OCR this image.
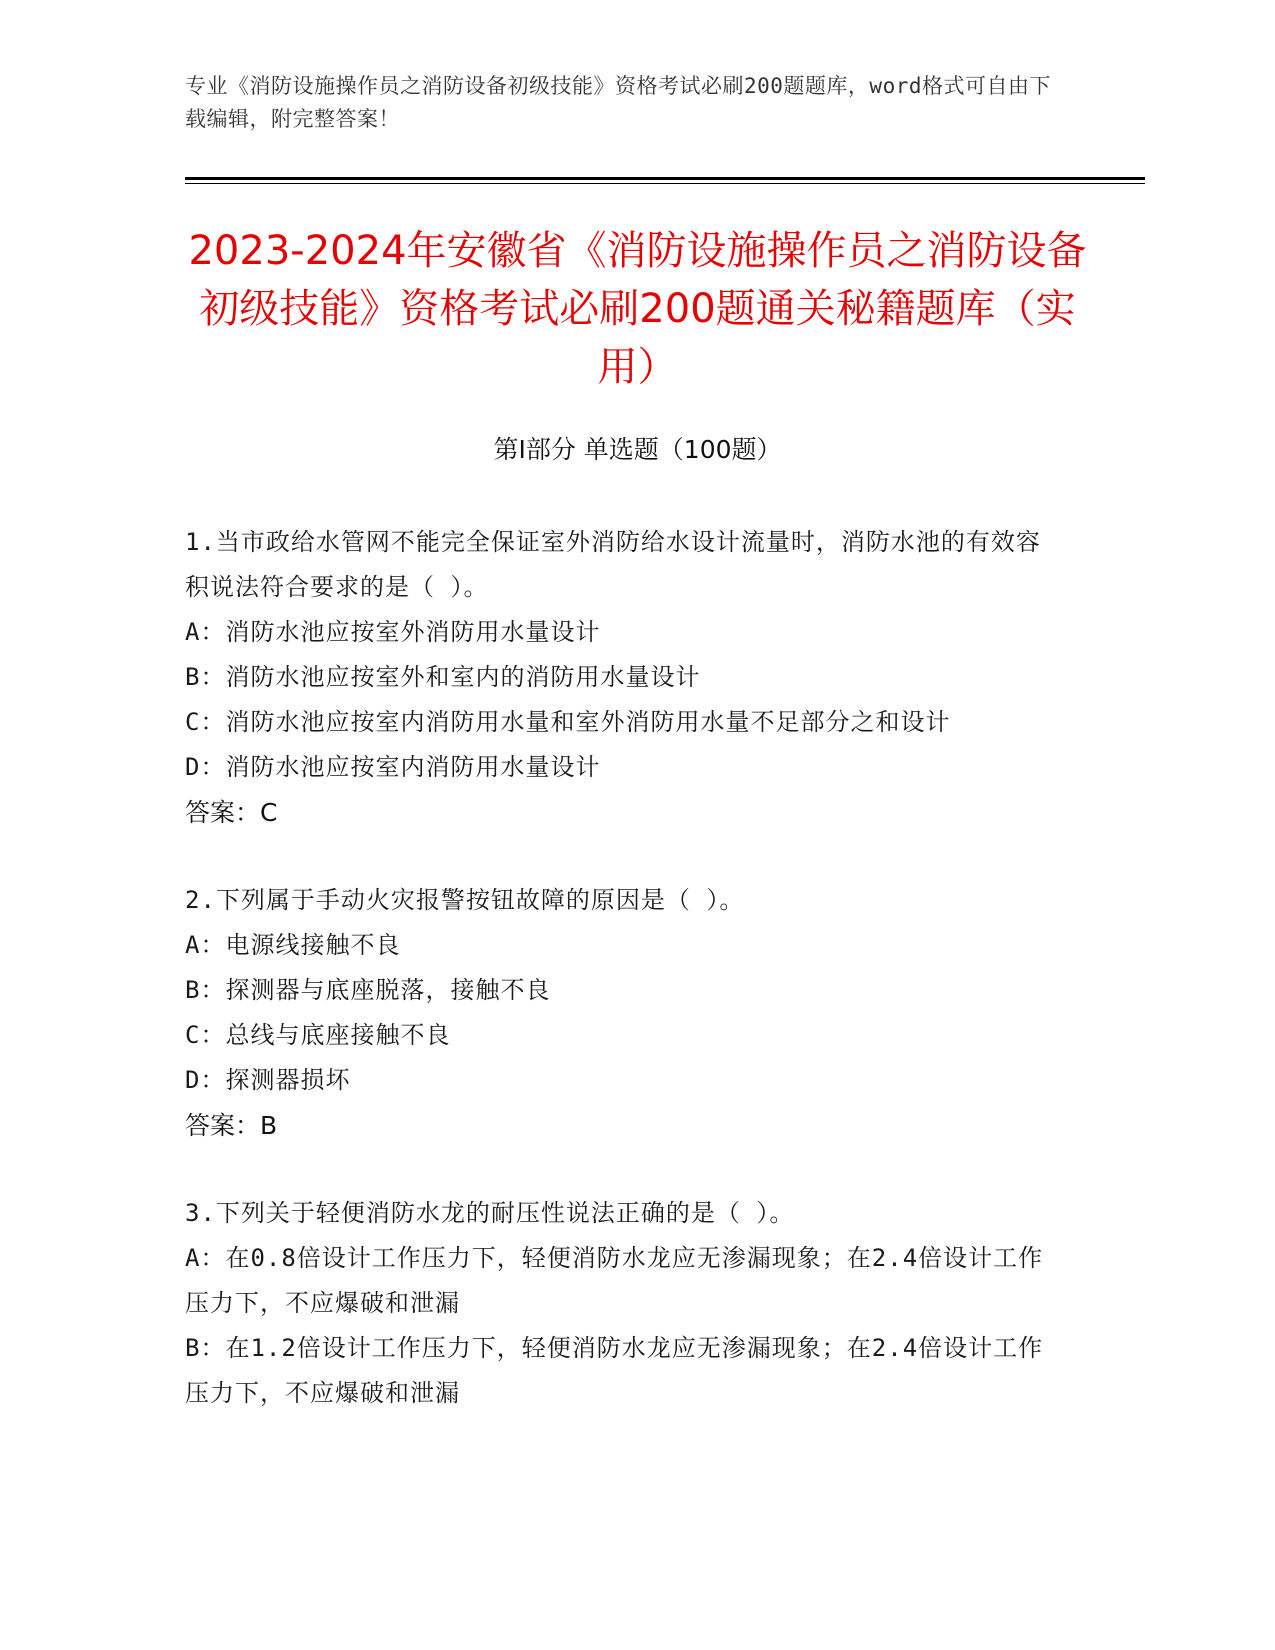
专业《消防设施操作员之消防设备初级技能》资格考试必刷200题题库，word格式可自由下载编辑，附完整答案！
2023-2024年安徽省《消防设施操作员之消防设备初级技能》资格考试必刷200题通关秘籍题库（实用）
第Ⅰ部分 单选题（100题）

1.当市政给水管网不能完全保证室外消防给水设计流量时，消防水池的有效容积说法符合要求的是（ ）。

A：消防水池应按室外消防用水量设计

B：消防水池应按室外和室内的消防用水量设计

C：消防水池应按室内消防用水量和室外消防用水量不足部分之和设计

D：消防水池应按室内消防用水量设计

答案：C

2.下列属于手动火灾报警按钮故障的原因是（ ）。

A：电源线接触不良

B：探测器与底座脱落，接触不良

C：总线与底座接触不良

D：探测器损坏

答案：B

3.下列关于轻便消防水龙的耐压性说法正确的是（ ）。

A：在0.8倍设计工作压力下，轻便消防水龙应无渗漏现象；在2.4倍设计工作压力下，不应爆破和泄漏

B：在1.2倍设计工作压力下，轻便消防水龙应无渗漏现象；在2.4倍设计工作压力下，不应爆破和泄漏
